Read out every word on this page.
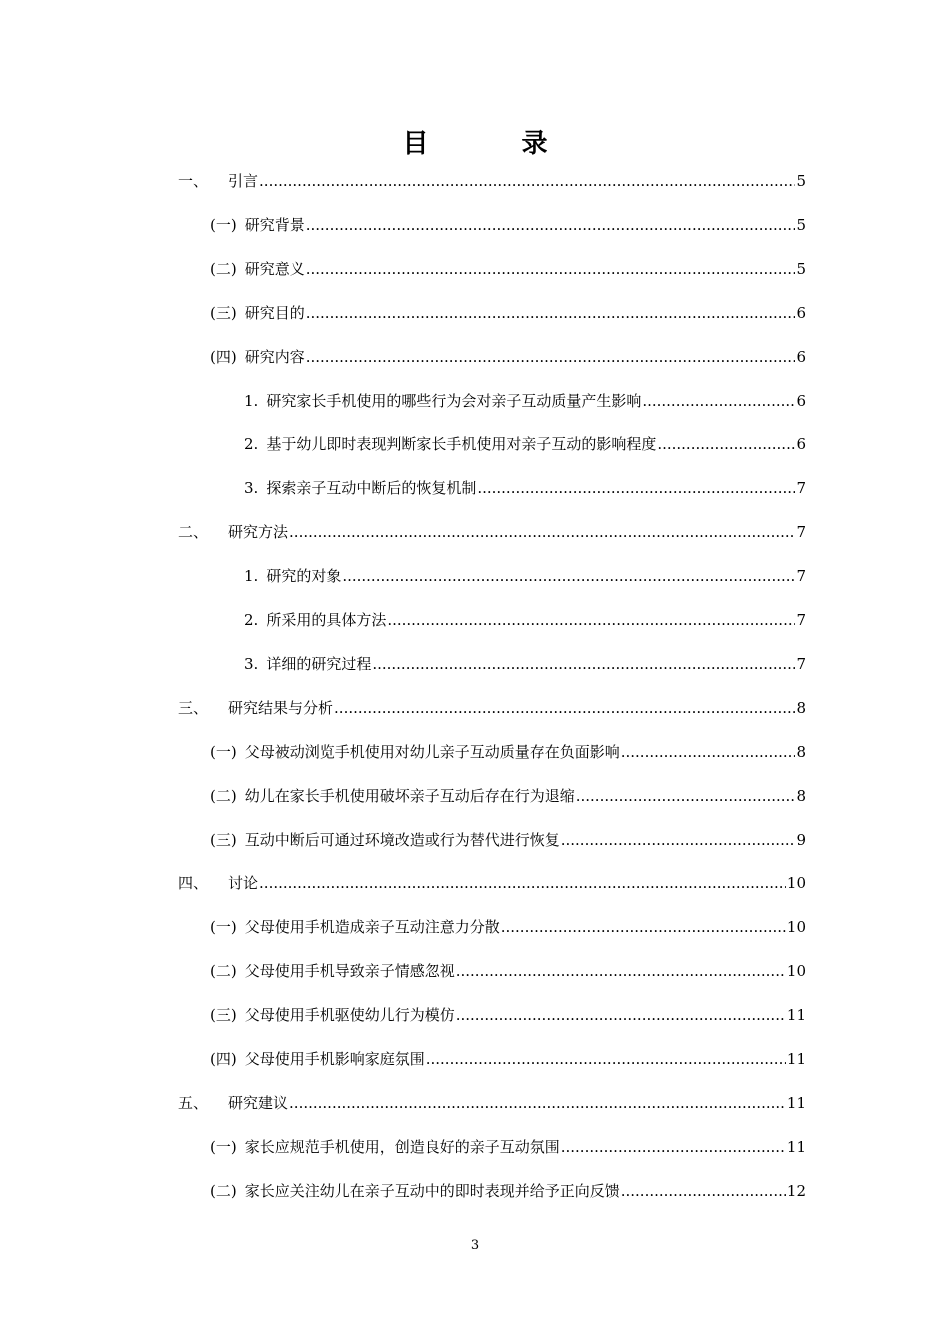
目 录
一、 引言 .....	5
(一) 研究背景 .....	5
(二) 研究意义 .....	5
(三) 研究目的 .....	6
(四) 研究内容 .....	6
1. 研究家长手机使用的哪些行为会对亲子互动质量产生影响 .....	6
2. 基于幼儿即时表现判断家长手机使用对亲子互动的影响程度 .....	6
3. 探索亲子互动中断后的恢复机制 .....	7
二、 研究方法 .....	7
1. 研究的对象 .....	7
2. 所采用的具体方法 .....	7
3. 详细的研究过程 .....	7
三、 研究结果与分析 .....	8
(一) 父母被动浏览手机使用对幼儿亲子互动质量存在负面影响 .....	8
(二) 幼儿在家长手机使用破坏亲子互动后存在行为退缩 .....	8
(三) 互动中断后可通过环境改造或行为替代进行恢复 .....	9
四、 讨论 .....	10
(一) 父母使用手机造成亲子互动注意力分散 .....	10
(二) 父母使用手机导致亲子情感忽视 .....	10
(三) 父母使用手机驱使幼儿行为模仿 .....	11
(四) 父母使用手机影响家庭氛围 .....	11
五、 研究建议 .....	11
(一) 家长应规范手机使用，创造良好的亲子互动氛围 .....	11
(二) 家长应关注幼儿在亲子互动中的即时表现并给予正向反馈 .....	12
3
